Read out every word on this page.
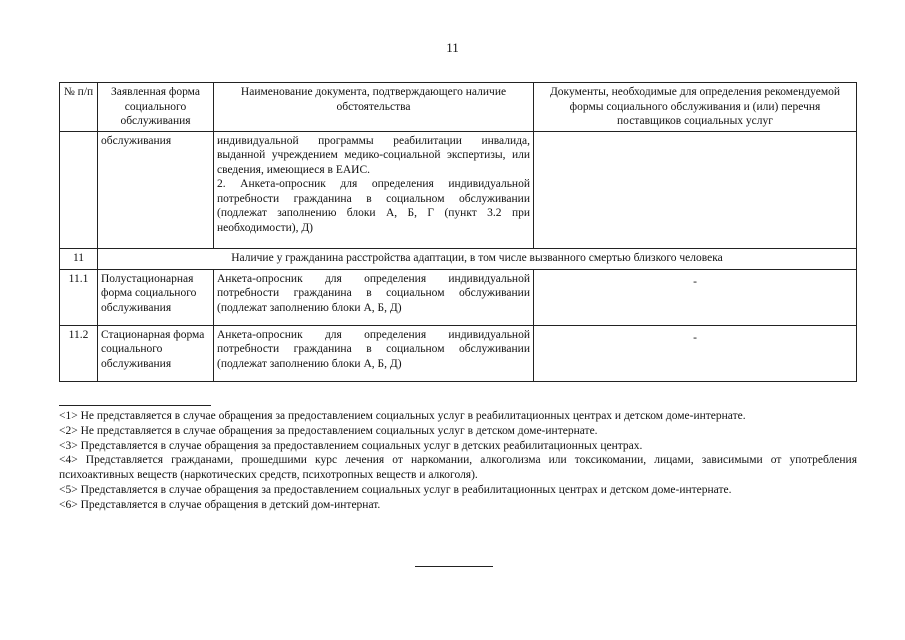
11
№ п/п	Заявленная форма социального обслуживания	Наименование документа, подтверждающего наличие обстоятельства	Документы, необходимые для определения рекомендуемой формы социального обслуживания и (или) перечня поставщиков социальных услуг
	обслуживания	индивидуальной программы реабилитации инвалида, выданной учреждением медико-социальной экспертизы, или сведения, имеющиеся в ЕАИС.
2. Анкета-опросник для определения индивидуальной потребности гражданина в социальном обслуживании (подлежат заполнению блоки А, Б, Г (пункт 3.2 при необходимости), Д)	

11	Наличие у гражданина расстройства адаптации, в том числе вызванного смертью близкого человека		
11.1	Полустационарная форма социального обслуживания	Анкета-опросник для определения индивидуальной потребности гражданина в социальном обслуживании (подлежат заполнению блоки А, Б, Д)	-

11.2	Стационарная форма социального обслуживания	Анкета-опросник для определения индивидуальной потребности гражданина в социальном обслуживании (подлежат заполнению блоки А, Б, Д)	-

<1> Не представляется в случае обращения за предоставлением социальных услуг в реабилитационных центрах и детском доме-интернате.

<2> Не представляется в случае обращения за предоставлением социальных услуг в детском доме-интернате.

<3> Представляется в случае обращения за предоставлением социальных услуг в детских реабилитационных центрах.

<4> Представляется гражданами, прошедшими курс лечения от наркомании, алкоголизма или токсикомании, лицами, зависимыми от употребления психоактивных веществ (наркотических средств, психотропных веществ и алкоголя).

<5> Представляется в случае обращения за предоставлением социальных услуг в реабилитационных центрах и детском доме-интернате.

<6> Представляется в случае обращения в детский дом-интернат.
